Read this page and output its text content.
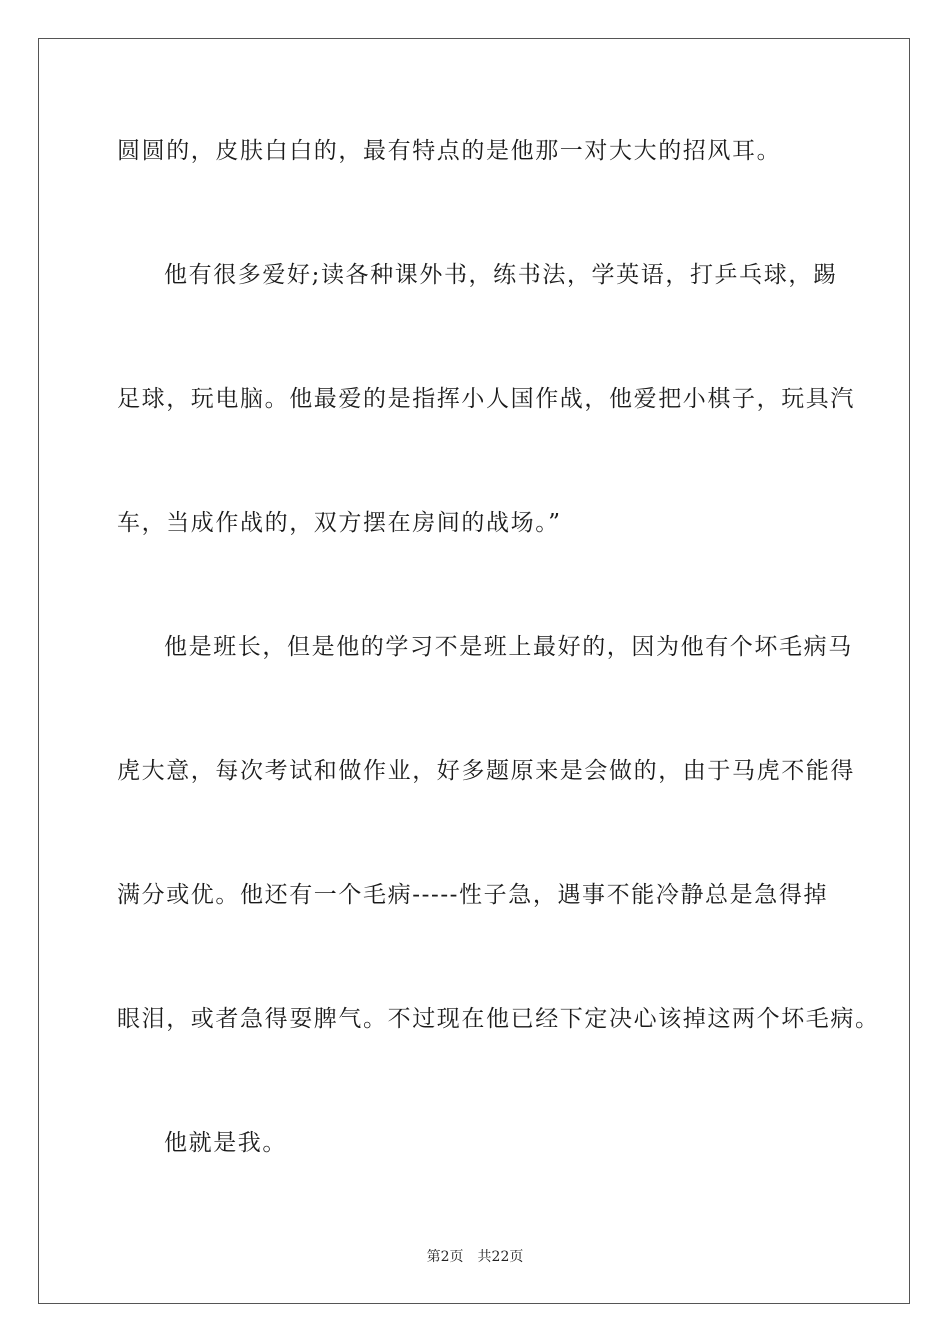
圆圆的，皮肤白白的，最有特点的是他那一对大大的招风耳。
他有很多爱好;读各种课外书，练书法，学英语，打乒乓球，踢
足球，玩电脑。他最爱的是指挥小人国作战，他爱把小棋子，玩具汽
车，当成作战的，双方摆在房间的战场。”
他是班长，但是他的学习不是班上最好的，因为他有个坏毛病马
虎大意，每次考试和做作业，好多题原来是会做的，由于马虎不能得
满分或优。他还有一个毛病-----性子急，遇事不能冷静总是急得掉
眼泪，或者急得耍脾气。不过现在他已经下定决心该掉这两个坏毛病。
他就是我。
第2页 共22页
